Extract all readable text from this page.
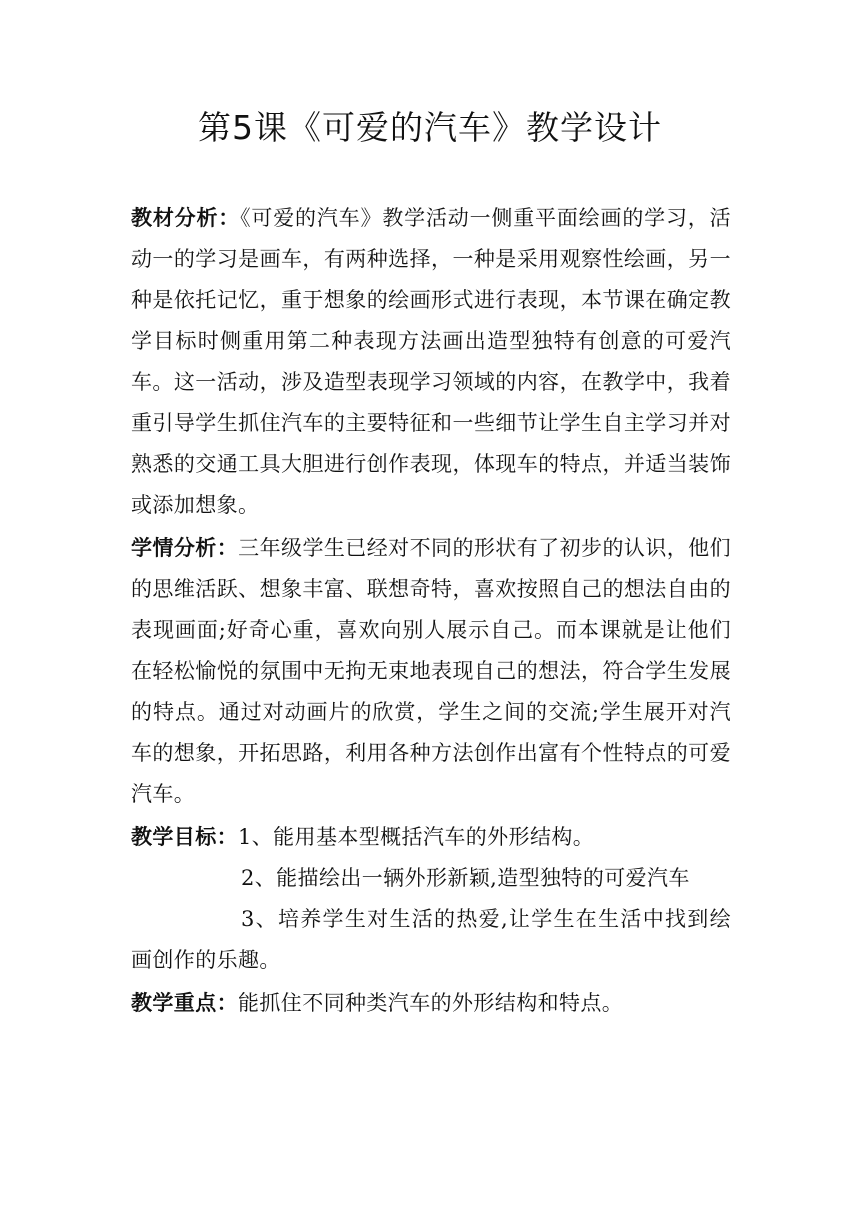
第5课《可爱的汽车》教学设计

教材分析：《可爱的汽车》教学活动一侧重平面绘画的学习，活动一的学习是画车，有两种选择，一种是采用观察性绘画，另一种是依托记忆，重于想象的绘画形式进行表现，本节课在确定教学目标时侧重用第二种表现方法画出造型独特有创意的可爱汽车。这一活动，涉及造型表现学习领域的内容，在教学中，我着重引导学生抓住汽车的主要特征和一些细节让学生自主学习并对熟悉的交通工具大胆进行创作表现，体现车的特点，并适当装饰或添加想象。

学情分析：三年级学生已经对不同的形状有了初步的认识，他们的思维活跃、想象丰富、联想奇特，喜欢按照自己的想法自由的表现画面;好奇心重，喜欢向别人展示自己。而本课就是让他们在轻松愉悦的氛围中无拘无束地表现自己的想法，符合学生发展的特点。通过对动画片的欣赏，学生之间的交流;学生展开对汽车的想象，开拓思路，利用各种方法创作出富有个性特点的可爱汽车。

教学目标：1、能用基本型概括汽车的外形结构。
2、能描绘出一辆外形新颖,造型独特的可爱汽车
3、培养学生对生活的热爱,让学生在生活中找到绘画创作的乐趣。

教学重点：能抓住不同种类汽车的外形结构和特点。
